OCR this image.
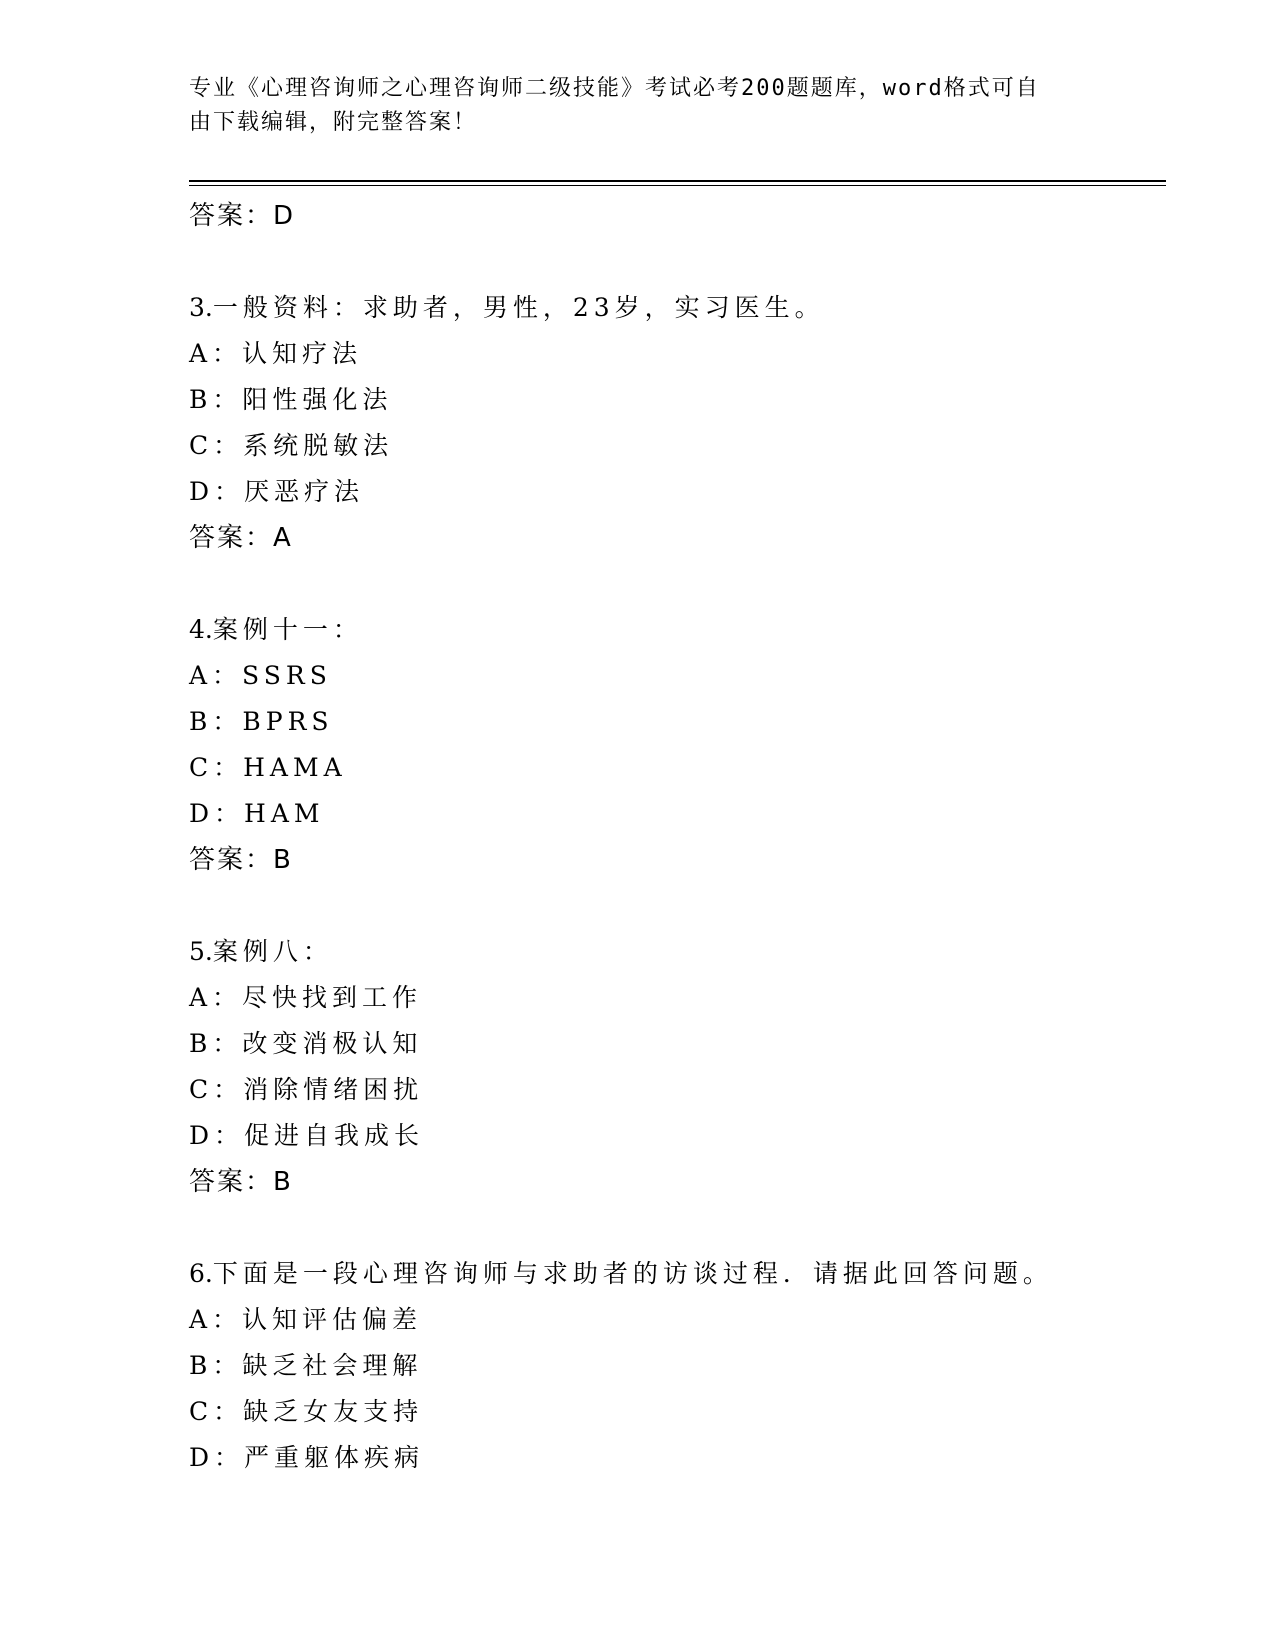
专业《心理咨询师之心理咨询师二级技能》考试必考200题题库，word格式可自
由下载编辑，附完整答案！
答案：D
3.一般资料：求助者，男性，23岁，实习医生。
A：认知疗法
B：阳性强化法
C：系统脱敏法
D：厌恶疗法
答案：A
4.案例十一：
A：SSRS
B：BPRS
C：HAMA
D：HAM
答案：B
5.案例八：
A：尽快找到工作
B：改变消极认知
C：消除情绪困扰
D：促进自我成长
答案：B
6.下面是一段心理咨询师与求助者的访谈过程．请据此回答问题。
A：认知评估偏差
B：缺乏社会理解
C：缺乏女友支持
D：严重躯体疾病
